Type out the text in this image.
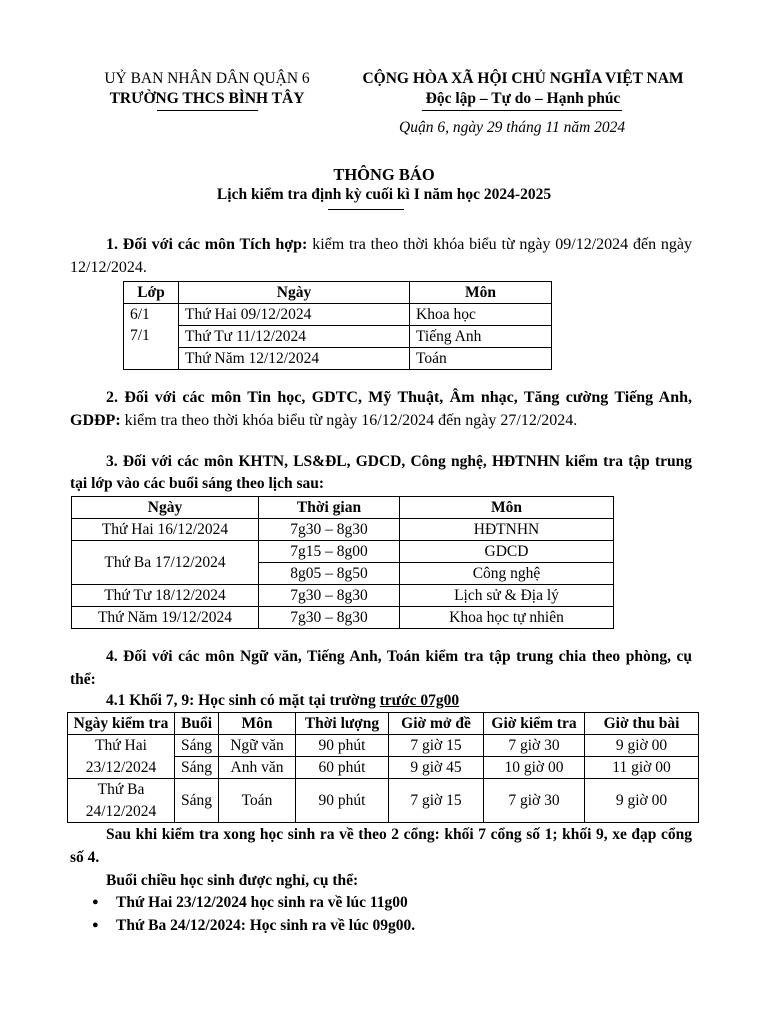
UỶ BAN NHÂN DÂN QUẬN 6
TRƯỜNG THCS BÌNH TÂY
CỘNG HÒA XÃ HỘI CHỦ NGHĨA VIỆT NAM
Độc lập – Tự do – Hạnh phúc
Quận 6, ngày 29 tháng 11 năm 2024
THÔNG BÁO
Lịch kiểm tra định kỳ cuối kì I năm học 2024-2025

1. Đối với các môn Tích hợp: kiểm tra theo thời khóa biểu từ ngày 09/12/2024 đến ngày 12/12/2024.

Lớp	Ngày	Môn

6/1
7/1	Thứ Hai 09/12/2024	Khoa học
	Thứ Tư 11/12/2024	Tiếng Anh
	Thứ Năm 12/12/2024	Toán

2. Đối với các môn Tin học, GDTC, Mỹ Thuật, Âm nhạc, Tăng cường Tiếng Anh, GDĐP: kiểm tra theo thời khóa biểu từ ngày 16/12/2024 đến ngày 27/12/2024.

3. Đối với các môn KHTN, LS&ĐL, GDCD, Công nghệ, HĐTNHN kiểm tra tập trung tại lớp vào các buổi sáng theo lịch sau:

Ngày	Thời gian	Môn
Thứ Hai 16/12/2024	7g30 – 8g30	HĐTNHN
Thứ Ba 17/12/2024	7g15 – 8g00	GDCD
	8g05 – 8g50	Công nghệ
Thứ Tư 18/12/2024	7g30 – 8g30	Lịch sử & Địa lý
Thứ Năm 19/12/2024	7g30 – 8g30	Khoa học tự nhiên

4. Đối với các môn Ngữ văn, Tiếng Anh, Toán kiểm tra tập trung chia theo phòng, cụ thể:

4.1 Khối 7, 9: Học sinh có mặt tại trường trước 07g00
Ngày kiểm tra	Buổi	Môn	Thời lượng	Giờ mở đề	Giờ kiểm tra	Giờ thu bài

Thứ Hai
23/12/2024	Sáng	Ngữ văn	90 phút	7 giờ 15	7 giờ 30	9 giờ 00
	Sáng	Anh văn	60 phút	9 giờ 45	10 giờ 00	11 giờ 00

Thứ Ba
24/12/2024	Sáng	Toán	90 phút	7 giờ 15	7 giờ 30	9 giờ 00

Sau khi kiểm tra xong học sinh ra về theo 2 cổng: khối 7 cổng số 1; khối 9, xe đạp cổng số 4.

Buổi chiều học sinh được nghỉ, cụ thể:
● Thứ Hai 23/12/2024 học sinh ra về lúc 11g00
● Thứ Ba 24/12/2024: Học sinh ra về lúc 09g00.
